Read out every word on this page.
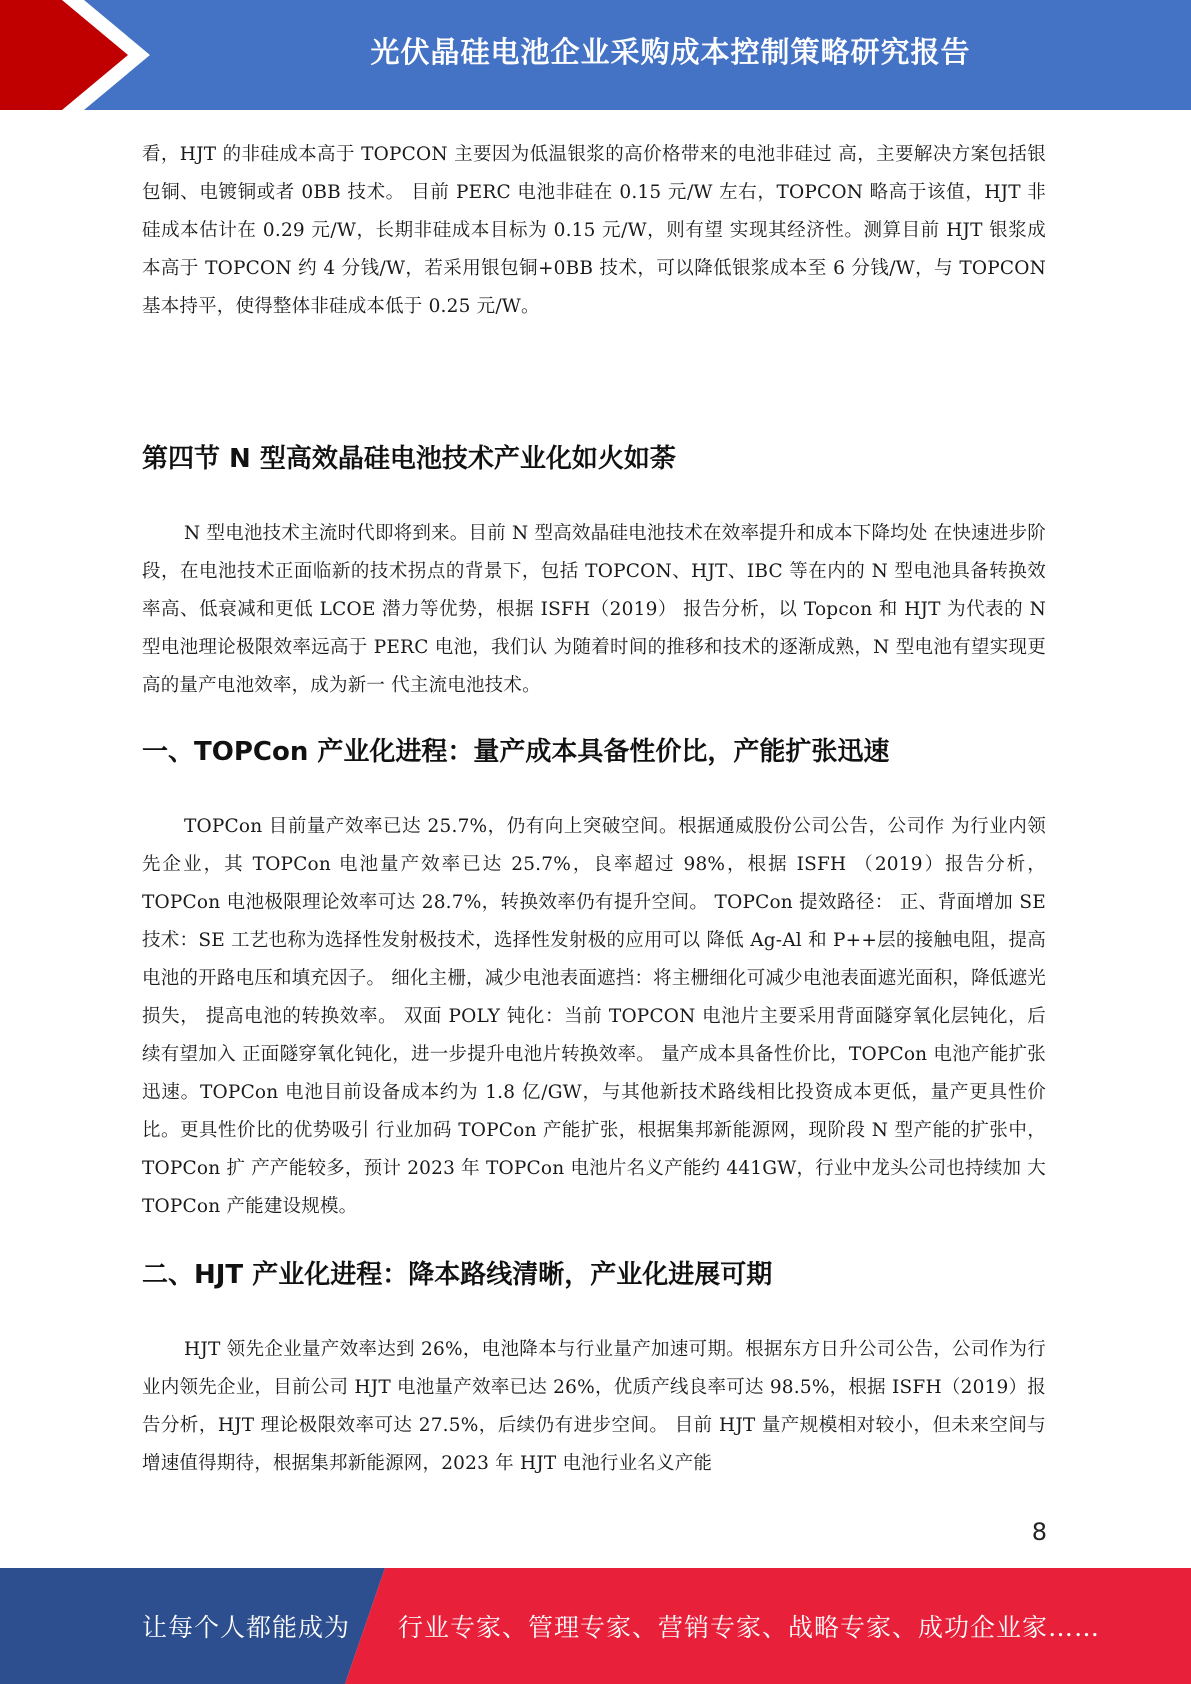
光伏晶硅电池企业采购成本控制策略研究报告

看，HJT 的非硅成本高于 TOPCON 主要因为低温银浆的高价格带来的电池非硅过 高，主要解决方案包括银包铜、电镀铜或者 0BB 技术。 目前 PERC 电池非硅在 0.15 元/W 左右，TOPCON 略高于该值，HJT 非硅成本估计在 0.29 元/W，长期非硅成本目标为 0.15 元/W，则有望 实现其经济性。测算目前 HJT 银浆成本高于 TOPCON 约 4 分钱/W，若采用银包铜+0BB 技术，可以降低银浆成本至 6 分钱/W，与 TOPCON 基本持平，使得整体非硅成本低于 0.25 元/W。

第四节 N 型高效晶硅电池技术产业化如火如荼

N 型电池技术主流时代即将到来。目前 N 型高效晶硅电池技术在效率提升和成本下降均处 在快速进步阶段，在电池技术正面临新的技术拐点的背景下，包括 TOPCON、HJT、IBC 等在内的 N 型电池具备转换效率高、低衰减和更低 LCOE 潜力等优势，根据 ISFH（2019） 报告分析，以 Topcon 和 HJT 为代表的 N 型电池理论极限效率远高于 PERC 电池，我们认 为随着时间的推移和技术的逐渐成熟，N 型电池有望实现更高的量产电池效率，成为新一 代主流电池技术。

一、TOPCon 产业化进程：量产成本具备性价比，产能扩张迅速

TOPCon 目前量产效率已达 25.7%，仍有向上突破空间。根据通威股份公司公告，公司作 为行业内领先企业，其 TOPCon 电池量产效率已达 25.7%，良率超过 98%，根据 ISFH （2019）报告分析，TOPCon 电池极限理论效率可达 28.7%，转换效率仍有提升空间。 TOPCon 提效路径： 正、背面增加 SE 技术：SE 工艺也称为选择性发射极技术，选择性发射极的应用可以 降低 Ag-Al 和 P++层的接触电阻，提高电池的开路电压和填充因子。 细化主栅，减少电池表面遮挡：将主栅细化可减少电池表面遮光面积，降低遮光损失， 提高电池的转换效率。 双面 POLY 钝化：当前 TOPCON 电池片主要采用背面隧穿氧化层钝化，后续有望加入 正面隧穿氧化钝化，进一步提升电池片转换效率。 量产成本具备性价比，TOPCon 电池产能扩张迅速。TOPCon 电池目前设备成本约为 1.8 亿/GW，与其他新技术路线相比投资成本更低，量产更具性价比。更具性价比的优势吸引 行业加码 TOPCon 产能扩张，根据集邦新能源网，现阶段 N 型产能的扩张中，TOPCon 扩 产产能较多，预计 2023 年 TOPCon 电池片名义产能约 441GW，行业中龙头公司也持续加 大 TOPCon 产能建设规模。

二、HJT 产业化进程：降本路线清晰，产业化进展可期

HJT 领先企业量产效率达到 26%，电池降本与行业量产加速可期。根据东方日升公司公告，公司作为行业内领先企业，目前公司 HJT 电池量产效率已达 26%，优质产线良率可达 98.5%，根据 ISFH（2019）报告分析，HJT 理论极限效率可达 27.5%，后续仍有进步空间。 目前 HJT 量产规模相对较小，但未来空间与增速值得期待，根据集邦新能源网，2023 年 HJT 电池行业名义产能

8
让每个人都能成为 行业专家、管理专家、营销专家、战略专家、成功企业家……
